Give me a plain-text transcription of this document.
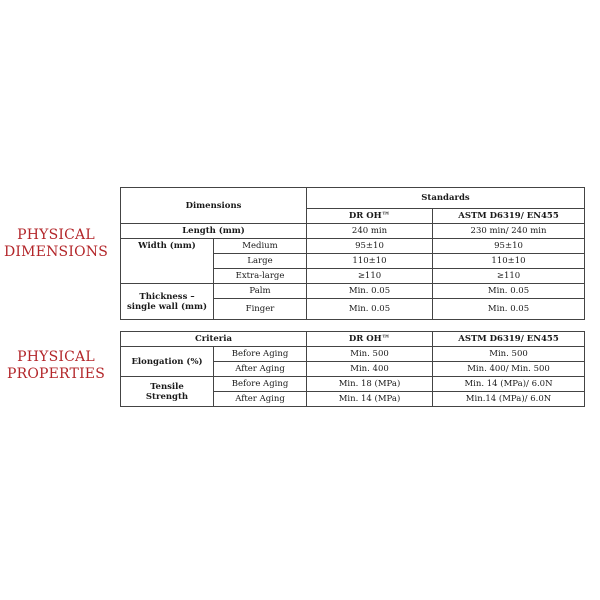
PHYSICAL
DIMENSIONS
PHYSICAL
PROPERTIES
Dimensions		Standards	
		DR OH™	ASTM D6319/ EN455
Length (mm)		240 min	230 min/ 240 min
Width (mm)	Medium	95±10	95±10
	Large	110±10	110±10
	Extra-large	≥110	≥110
Thickness – single wall (mm)	Palm	Min. 0.05	Min. 0.05
	Finger	Min. 0.05	Min. 0.05
Criteria		DR OH™	ASTM D6319/ EN455
Elongation (%)	Before Aging	Min. 500	Min. 500
	After Aging	Min. 400	Min. 400/ Min. 500
Tensile Strength	Before Aging	Min. 18 (MPa)	Min. 14 (MPa)/ 6.0N
	After Aging	Min. 14 (MPa)	Min.14 (MPa)/ 6.0N
